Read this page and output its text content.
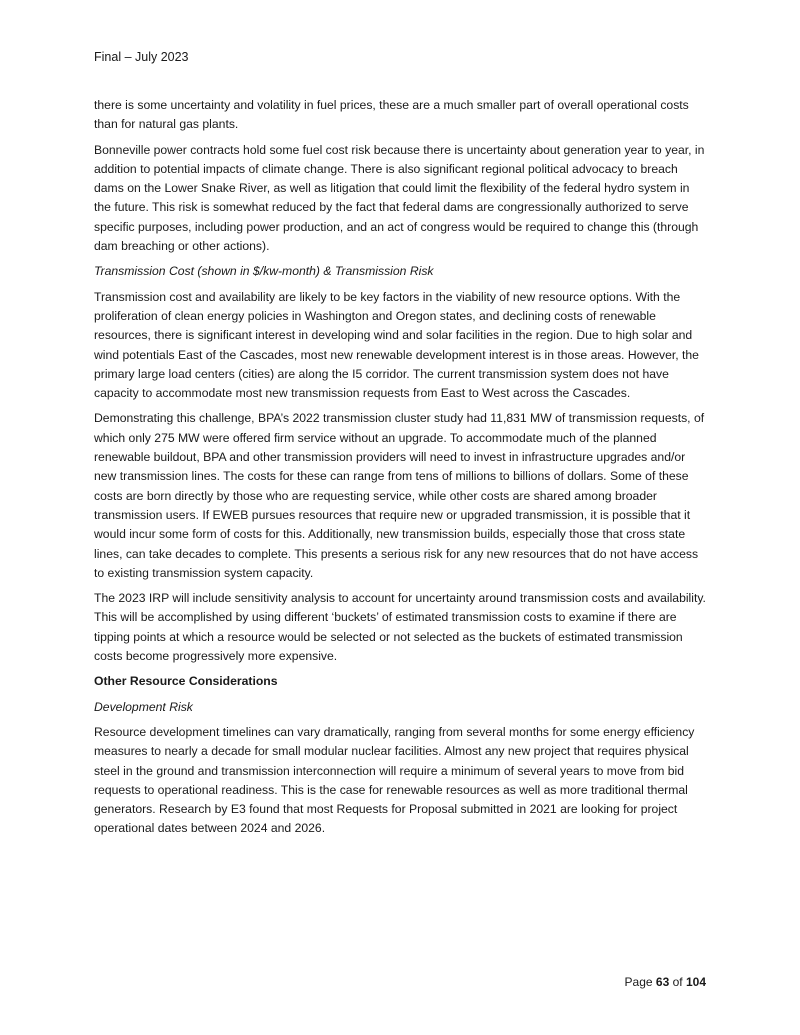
Final – July 2023

there is some uncertainty and volatility in fuel prices, these are a much smaller part of overall operational costs than for natural gas plants.

Bonneville power contracts hold some fuel cost risk because there is uncertainty about generation year to year, in addition to potential impacts of climate change. There is also significant regional political advocacy to breach dams on the Lower Snake River, as well as litigation that could limit the flexibility of the federal hydro system in the future. This risk is somewhat reduced by the fact that federal dams are congressionally authorized to serve specific purposes, including power production, and an act of congress would be required to change this (through dam breaching or other actions).

Transmission Cost (shown in $/kw-month) & Transmission Risk

Transmission cost and availability are likely to be key factors in the viability of new resource options. With the proliferation of clean energy policies in Washington and Oregon states, and declining costs of renewable resources, there is significant interest in developing wind and solar facilities in the region. Due to high solar and wind potentials East of the Cascades, most new renewable development interest is in those areas. However, the primary large load centers (cities) are along the I5 corridor. The current transmission system does not have capacity to accommodate most new transmission requests from East to West across the Cascades.

Demonstrating this challenge, BPA’s 2022 transmission cluster study had 11,831 MW of transmission requests, of which only 275 MW were offered firm service without an upgrade. To accommodate much of the planned renewable buildout, BPA and other transmission providers will need to invest in infrastructure upgrades and/or new transmission lines. The costs for these can range from tens of millions to billions of dollars. Some of these costs are born directly by those who are requesting service, while other costs are shared among broader transmission users. If EWEB pursues resources that require new or upgraded transmission, it is possible that it would incur some form of costs for this. Additionally, new transmission builds, especially those that cross state lines, can take decades to complete. This presents a serious risk for any new resources that do not have access to existing transmission system capacity.

The 2023 IRP will include sensitivity analysis to account for uncertainty around transmission costs and availability. This will be accomplished by using different ‘buckets’ of estimated transmission costs to examine if there are tipping points at which a resource would be selected or not selected as the buckets of estimated transmission costs become progressively more expensive.

Other Resource Considerations

Development Risk

Resource development timelines can vary dramatically, ranging from several months for some energy efficiency measures to nearly a decade for small modular nuclear facilities. Almost any new project that requires physical steel in the ground and transmission interconnection will require a minimum of several years to move from bid requests to operational readiness. This is the case for renewable resources as well as more traditional thermal generators. Research by E3 found that most Requests for Proposal submitted in 2021 are looking for project operational dates between 2024 and 2026.

Page 63 of 104
